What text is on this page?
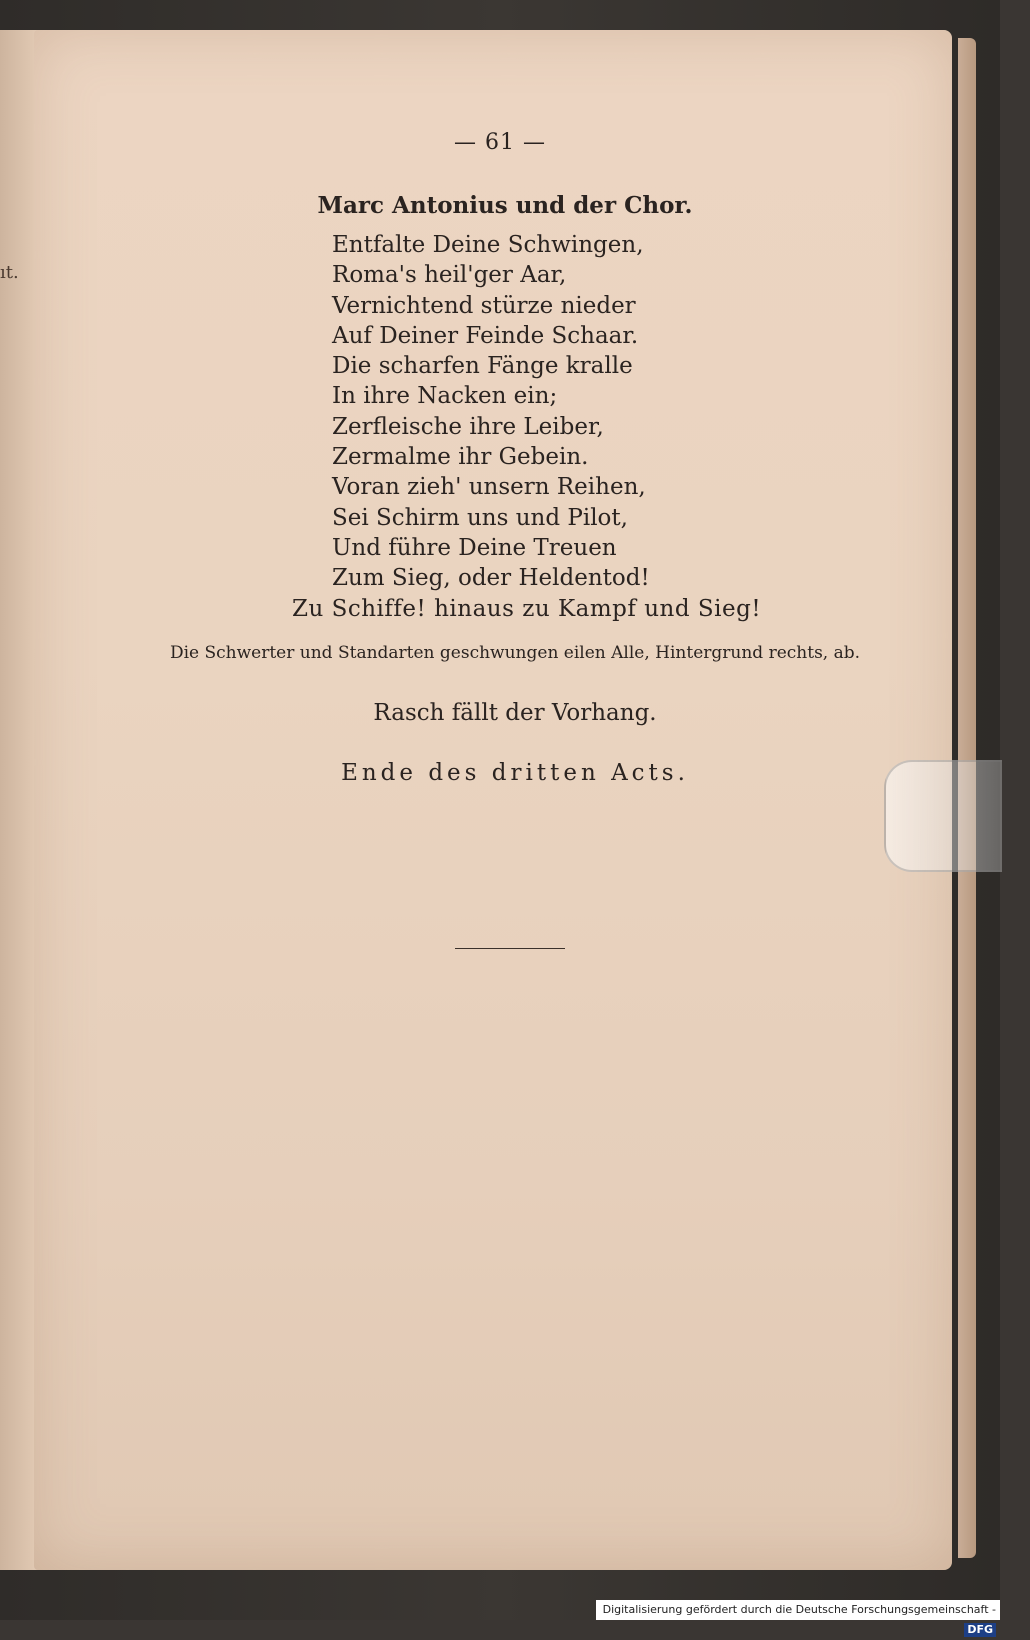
ıt.
— 61 —
Marc Antonius und der Chor.
Entfalte Deine Schwingen,
Roma's heil'ger Aar,
Vernichtend stürze nieder
Auf Deiner Feinde Schaar.
Die scharfen Fänge kralle
In ihre Nacken ein;
Zerfleische ihre Leiber,
Zermalme ihr Gebein.
Voran zieh' unsern Reihen,
Sei Schirm uns und Pilot,
Und führe Deine Treuen
Zum Sieg, oder Heldentod!
Zu Schiffe! hinaus zu Kampf und Sieg!
Die Schwerter und Standarten geschwungen eilen Alle, Hintergrund rechts, ab.
Rasch fällt der Vorhang.
Ende des dritten Acts.
Digitalisierung gefördert durch die Deutsche Forschungsgemeinschaft - DFG
